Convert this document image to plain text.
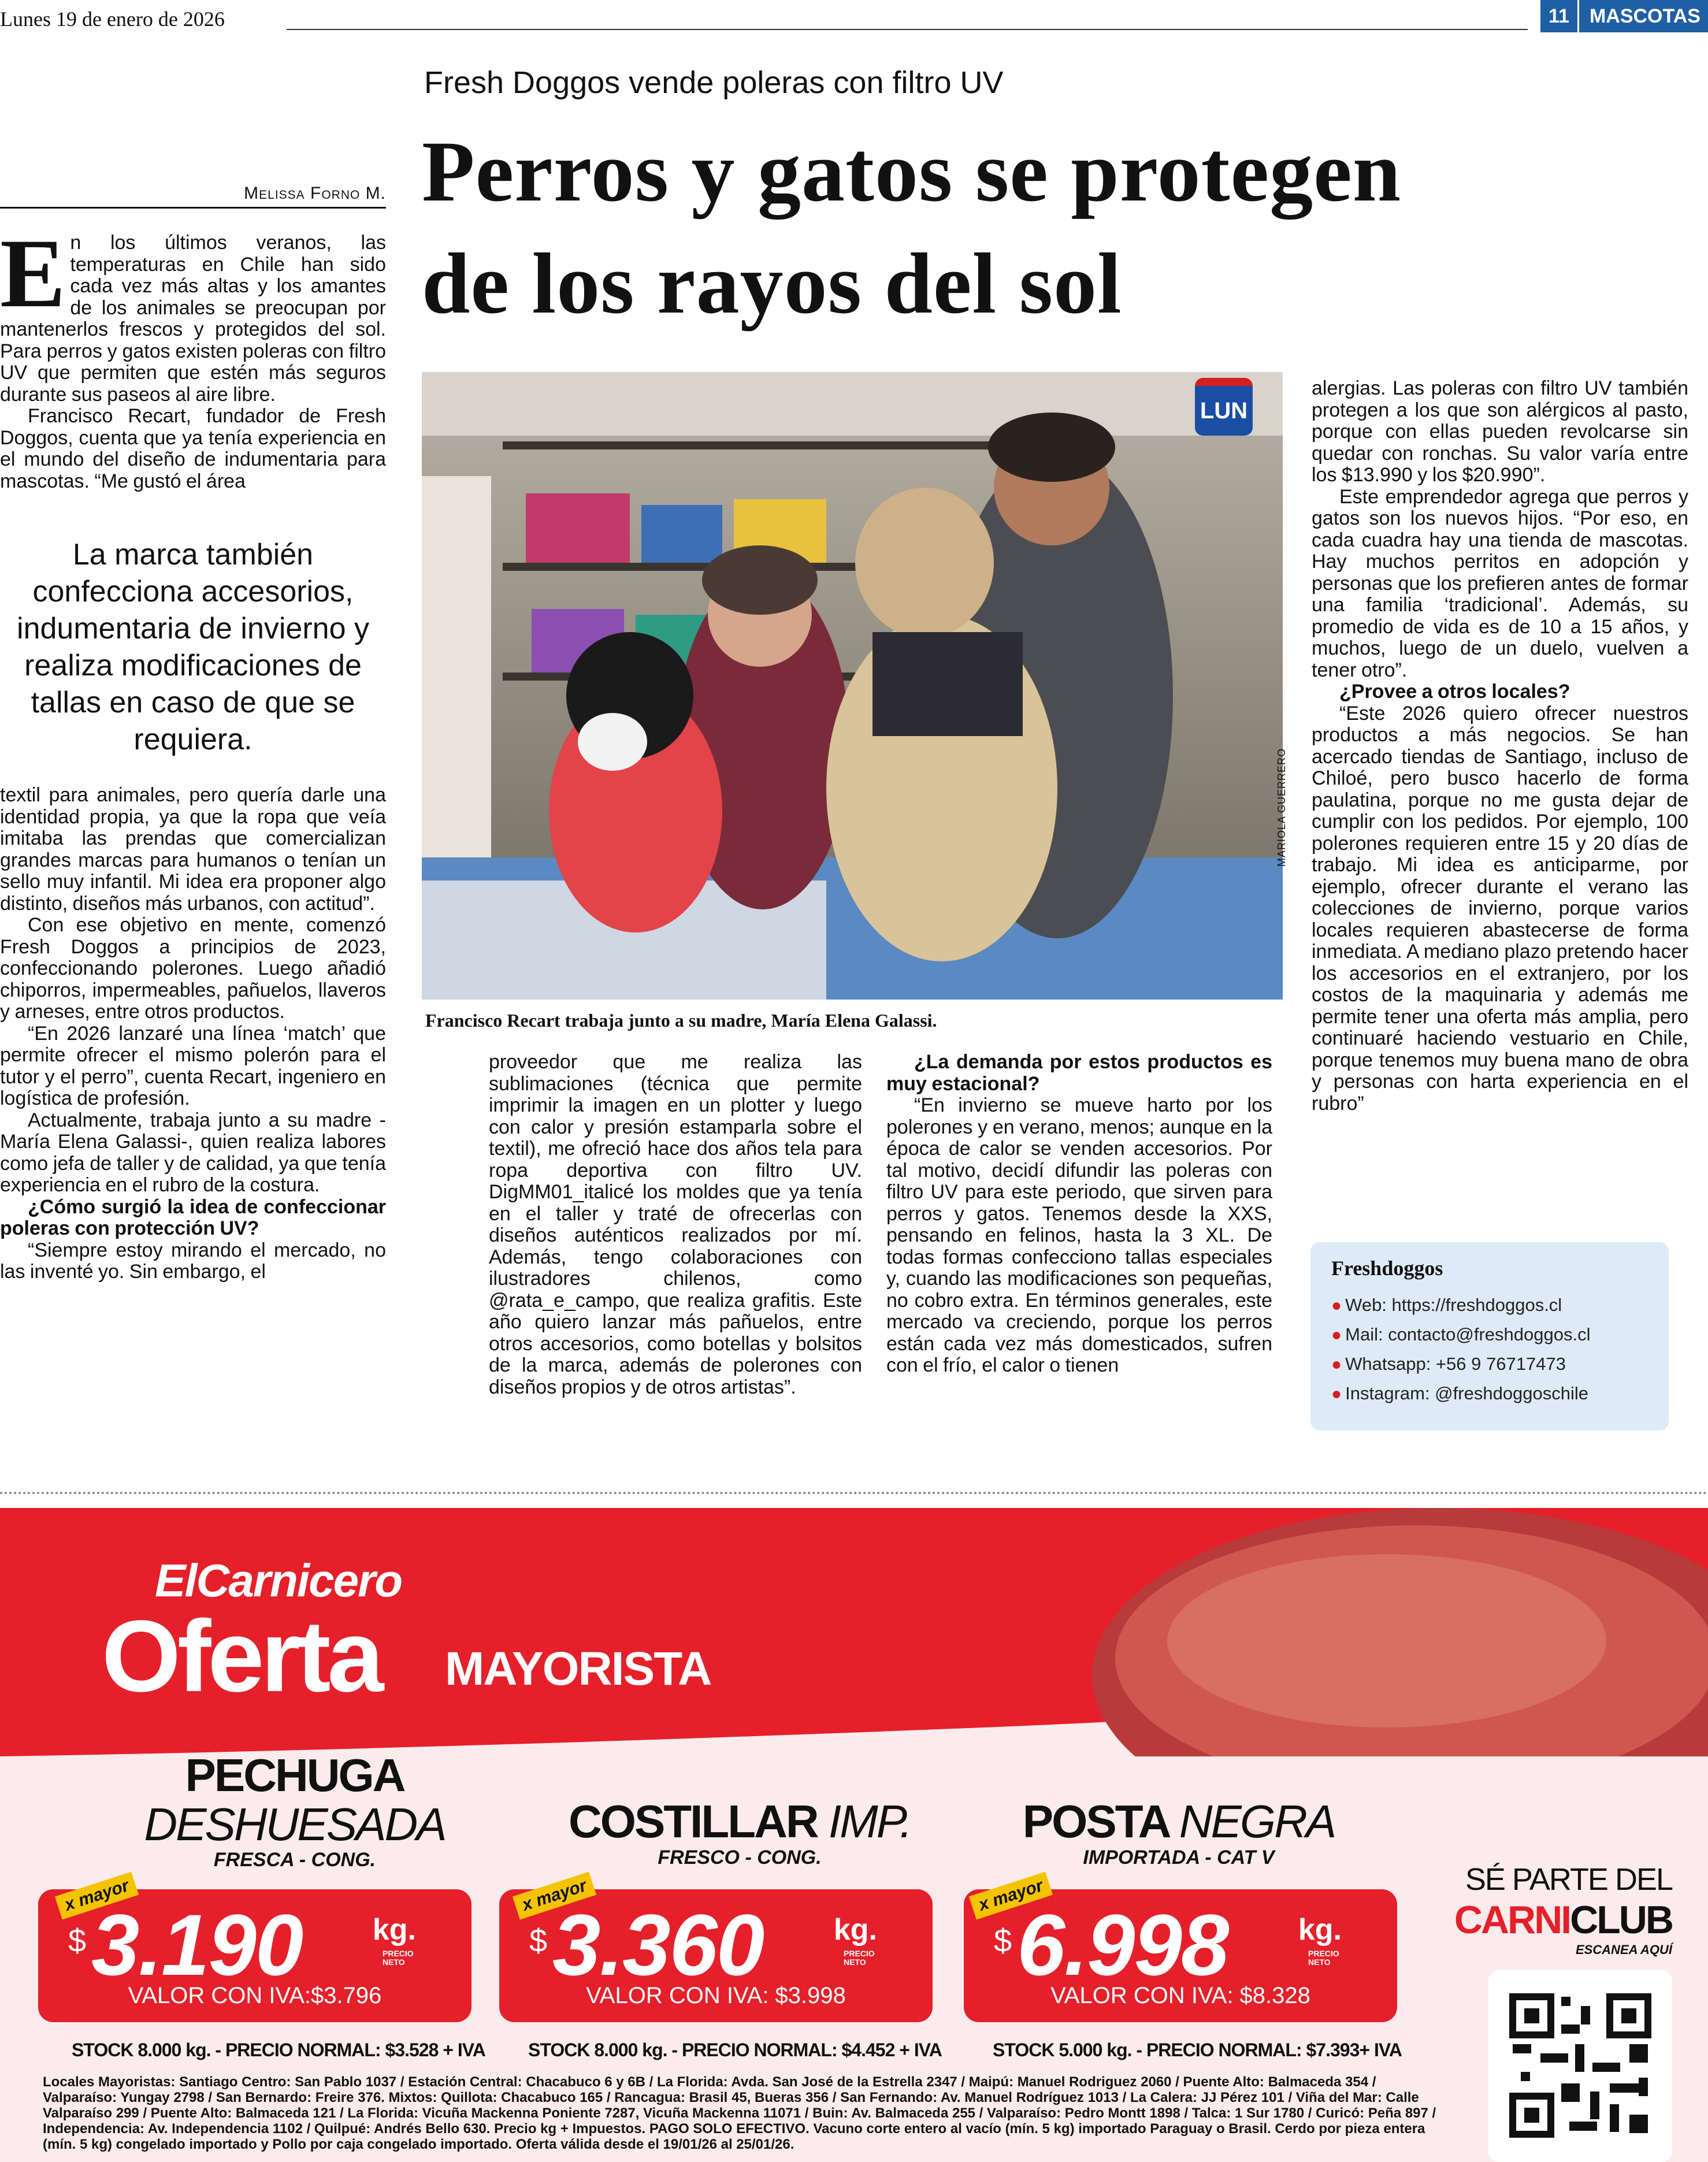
Lunes 19 de enero de 2026	11	MASCOTAS
Fresh Doggos vende poleras con filtro UV
Perros y gatos se protegen
de los rayos del sol
Melissa Forno M.

En los últimos veranos, las temperaturas en Chile han sido cada vez más altas y los amantes de los animales se preocupan por mantenerlos frescos y protegidos del sol. Para perros y gatos existen poleras con filtro UV que permiten que estén más seguros durante sus paseos al aire libre.

Francisco Recart, fundador de Fresh Doggos, cuenta que ya tenía experiencia en el mundo del diseño de indumentaria para mascotas. “Me gustó el área

La marca también confecciona accesorios, indumentaria de invierno y realiza modificaciones de tallas en caso de que se requiera.

textil para animales, pero quería darle una identidad propia, ya que la ropa que veía imitaba las prendas que comercializan grandes marcas para humanos o tenían un sello muy infantil. Mi idea era proponer algo distinto, diseños más urbanos, con actitud”.

Con ese objetivo en mente, comenzó Fresh Doggos a principios de 2023, confeccionando polerones. Luego añadió chiporros, impermeables, pañuelos, llaveros y arneses, entre otros productos.

“En 2026 lanzaré una línea ‘match’ que permite ofrecer el mismo polerón para el tutor y el perro”, cuenta Recart, ingeniero en logística de profesión.

Actualmente, trabaja junto a su madre -María Elena Galassi-, quien realiza labores como jefa de taller y de calidad, ya que tenía experiencia en el rubro de la costura.

¿Cómo surgió la idea de confeccionar poleras con protección UV?

“Siempre estoy mirando el mercado, no las inventé yo. Sin embargo, el

LUN
MARIOLA GUERRERO
Francisco Recart trabaja junto a su madre, María Elena Galassi.

proveedor que me realiza las sublimaciones (técnica que permite imprimir la imagen en un plotter y luego con calor y presión estamparla sobre el textil), me ofreció hace dos años tela para ropa deportiva con filtro UV. DigMM01_italicé los moldes que ya tenía en el taller y traté de ofrecerlas con diseños auténticos realizados por mí. Además, tengo colaboraciones con ilustradores chilenos, como @rata_e_campo, que realiza grafitis. Este año quiero lanzar más pañuelos, entre otros accesorios, como botellas y bolsitos de la marca, además de polerones con diseños propios y de otros artistas”.

¿La demanda por estos productos es muy estacional?

“En invierno se mueve harto por los polerones y en verano, menos; aunque en la época de calor se venden accesorios. Por tal motivo, decidí difundir las poleras con filtro UV para este periodo, que sirven para perros y gatos. Tenemos desde la XXS, pensando en felinos, hasta la 3 XL. De todas formas confecciono tallas especiales y, cuando las modificaciones son pequeñas, no cobro extra. En términos generales, este mercado va creciendo, porque los perros están cada vez más domesticados, sufren con el frío, el calor o tienen

alergias. Las poleras con filtro UV también protegen a los que son alérgicos al pasto, porque con ellas pueden revolcarse sin quedar con ronchas. Su valor varía entre los $13.990 y los $20.990”.

Este emprendedor agrega que perros y gatos son los nuevos hijos. “Por eso, en cada cuadra hay una tienda de mascotas. Hay muchos perritos en adopción y personas que los prefieren antes de formar una familia ‘tradicional’. Además, su promedio de vida es de 10 a 15 años, y muchos, luego de un duelo, vuelven a tener otro”.

¿Provee a otros locales?

“Este 2026 quiero ofrecer nuestros productos a más negocios. Se han acercado tiendas de Santiago, incluso de Chiloé, pero busco hacerlo de forma paulatina, porque no me gusta dejar de cumplir con los pedidos. Por ejemplo, 100 polerones requieren entre 15 y 20 días de trabajo. Mi idea es anticiparme, por ejemplo, ofrecer durante el verano las colecciones de invierno, porque varios locales requieren abastecerse de forma inmediata. A mediano plazo pretendo hacer los accesorios en el extranjero, por los costos de la maquinaria y además me permite tener una oferta más amplia, pero continuaré haciendo vestuario en Chile, porque tenemos muy buena mano de obra y personas con harta experiencia en el rubro”

Freshdoggos
● Web: https://freshdoggos.cl
● Mail: contacto@freshdoggos.cl
● Whatsapp: +56 9 76717473
● Instagram: @freshdoggoschile
ElCarnicero
Oferta MAYORISTA
PECHUGA
DESHUESADA
FRESCA - CONG.
$ 3.190 kg.
PRECIO NETO
VALOR CON IVA:$3.796
x mayor
STOCK 8.000 kg. - PRECIO NORMAL: $3.528 + IVA
COSTILLAR IMP.
FRESCO - CONG.
$ 3.360 kg.
PRECIO NETO
VALOR CON IVA: $3.998
x mayor
STOCK 8.000 kg. - PRECIO NORMAL: $4.452 + IVA
POSTA NEGRA
IMPORTADA - CAT V
$ 6.998 kg.
PRECIO NETO
VALOR CON IVA: $8.328
x mayor
STOCK 5.000 kg. - PRECIO NORMAL: $7.393+ IVA
SÉ PARTE DEL
CARNICLUB
ESCANEA AQUÍ
Locales Mayoristas: Santiago Centro: San Pablo 1037 / Estación Central: Chacabuco 6 y 6B / La Florida: Avda. San José de la Estrella 2347 / Maipú: Manuel Rodriguez 2060 / Puente Alto: Balmaceda 354 / Valparaíso: Yungay 2798 / San Bernardo: Freire 376. Mixtos: Quillota: Chacabuco 165 / Rancagua: Brasil 45, Bueras 356 / San Fernando: Av. Manuel Rodríguez 1013 / La Calera: JJ Pérez 101 / Viña del Mar: Calle Valparaíso 299 / Puente Alto: Balmaceda 121 / La Florida: Vicuña Mackenna Poniente 7287, Vicuña Mackenna 11071 / Buin: Av. Balmaceda 255 / Valparaíso: Pedro Montt 1898 / Talca: 1 Sur 1780 / Curicó: Peña 897 / Independencia: Av. Independencia 1102 / Quilpué: Andrés Bello 630. Precio kg + Impuestos. PAGO SOLO EFECTIVO. Vacuno corte entero al vacío (mín. 5 kg) importado Paraguay o Brasil. Cerdo por pieza entera (mín. 5 kg) congelado importado y Pollo por caja congelado importado. Oferta válida desde el 19/01/26 al 25/01/26.
